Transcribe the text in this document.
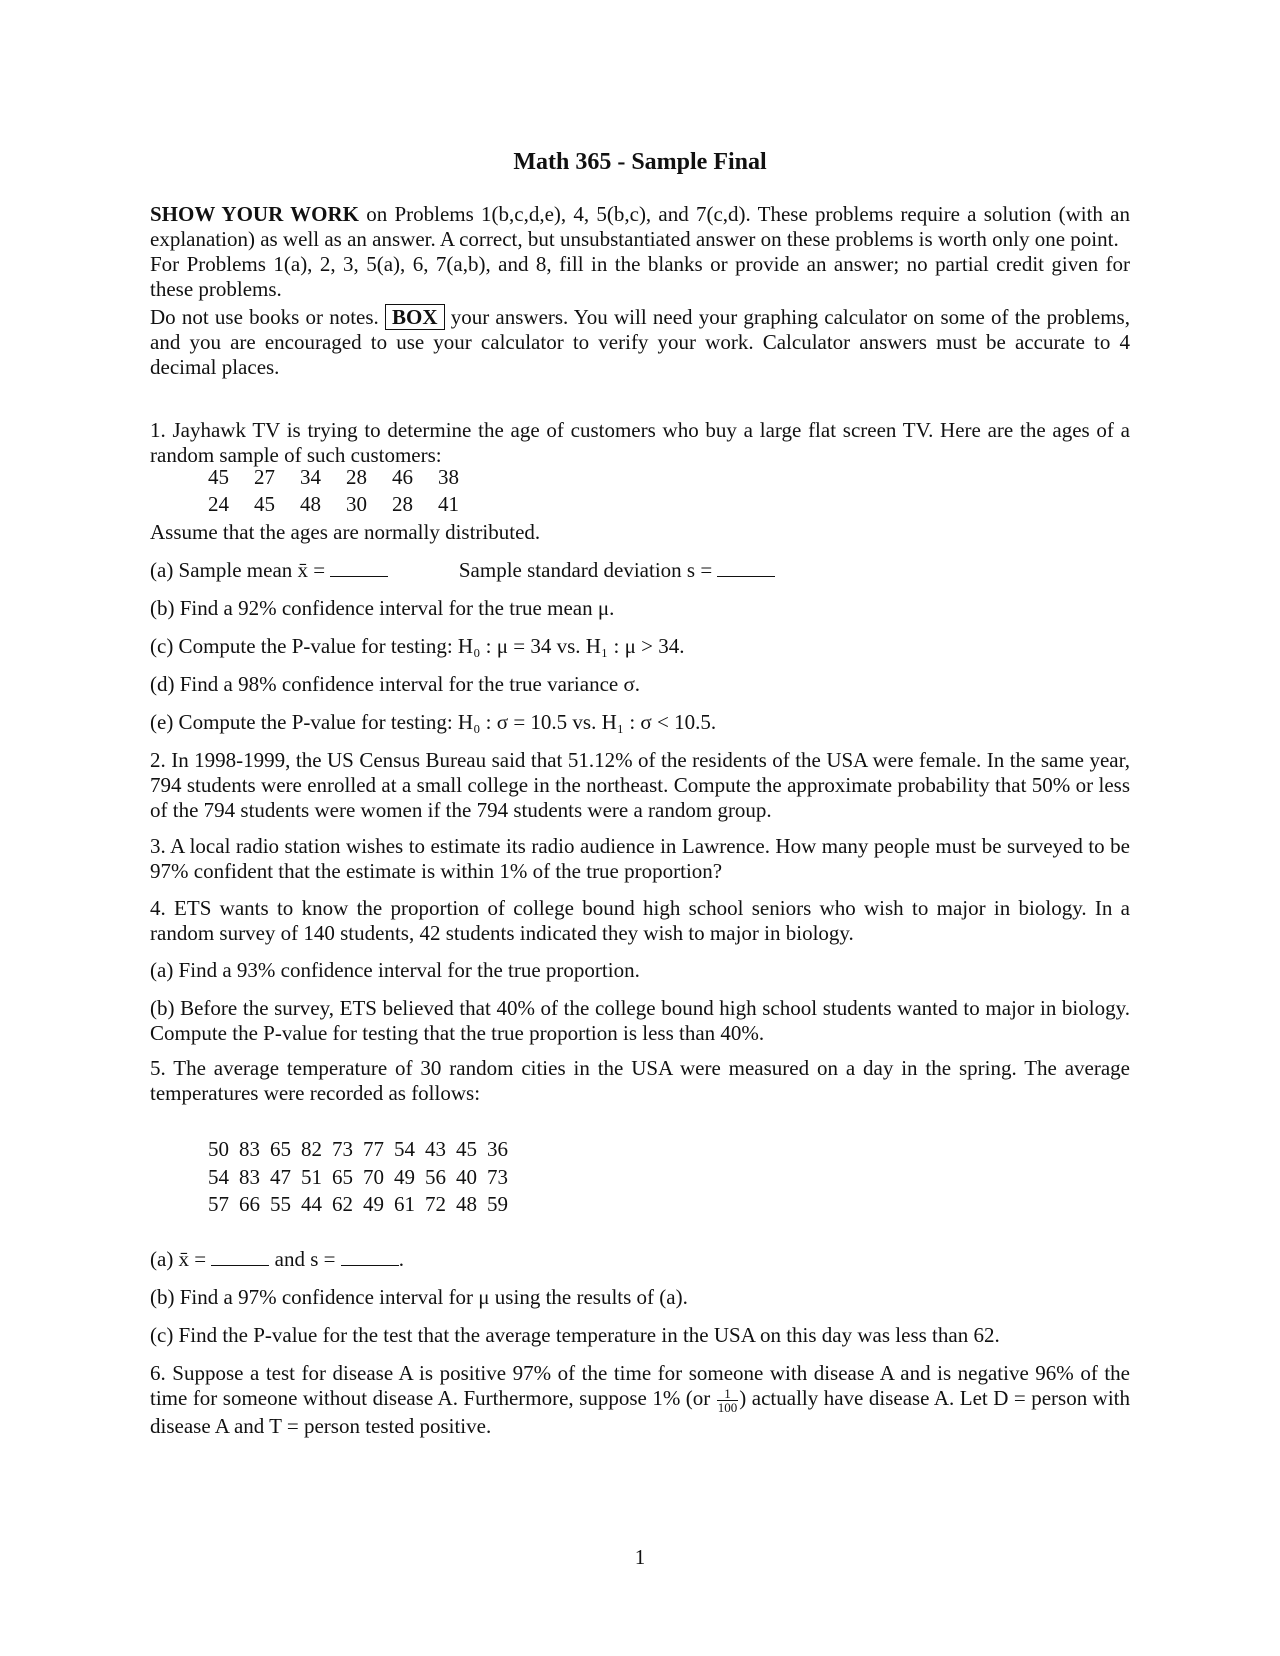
Math 365 - Sample Final

SHOW YOUR WORK on Problems 1(b,c,d,e), 4, 5(b,c), and 7(c,d). These problems require a solution (with an explanation) as well as an answer. A correct, but unsubstantiated answer on these problems is worth only one point.

For Problems 1(a), 2, 3, 5(a), 6, 7(a,b), and 8, fill in the blanks or provide an answer; no partial credit given for these problems.

Do not use books or notes. BOX your answers. You will need your graphing calculator on some of the problems, and you are encouraged to use your calculator to verify your work. Calculator answers must be accurate to 4 decimal places.

1. Jayhawk TV is trying to determine the age of customers who buy a large flat screen TV. Here are the ages of a random sample of such customers:

45	27	34	28	46	38
24	45	48	30	28	41
Assume that the ages are normally distributed.
(a) Sample mean x̄ =	Sample standard deviation s =
(b) Find a 92% confidence interval for the true mean μ.
(c) Compute the P-value for testing: H₀ : μ = 34 vs. H₁ : μ > 34.
(d) Find a 98% confidence interval for the true variance σ.
(e) Compute the P-value for testing: H₀ : σ = 10.5 vs. H₁ : σ < 10.5.

2. In 1998-1999, the US Census Bureau said that 51.12% of the residents of the USA were female. In the same year, 794 students were enrolled at a small college in the northeast. Compute the approximate probability that 50% or less of the 794 students were women if the 794 students were a random group.

3. A local radio station wishes to estimate its radio audience in Lawrence. How many people must be surveyed to be 97% confident that the estimate is within 1% of the true proportion?

4. ETS wants to know the proportion of college bound high school seniors who wish to major in biology. In a random survey of 140 students, 42 students indicated they wish to major in biology.

(a) Find a 93% confidence interval for the true proportion.

(b) Before the survey, ETS believed that 40% of the college bound high school students wanted to major in biology. Compute the P-value for testing that the true proportion is less than 40%.

5. The average temperature of 30 random cities in the USA were measured on a day in the spring. The average temperatures were recorded as follows:

50	83	65	82	73	77	54	43	45	36
54	83	47	51	65	70	49	56	40	73
57	66	55	44	62	49	61	72	48	59
(a) x̄ =	and s =	.
(b) Find a 97% confidence interval for μ using the results of (a).
(c) Find the P-value for the test that the average temperature in the USA on this day was less than 62.

6. Suppose a test for disease A is positive 97% of the time for someone with disease A and is negative 96% of the time for someone without disease A. Furthermore, suppose 1% ($or \frac{1}{100}$ ) actually have disease A. Let D = person with disease A and T = person tested positive.

1
